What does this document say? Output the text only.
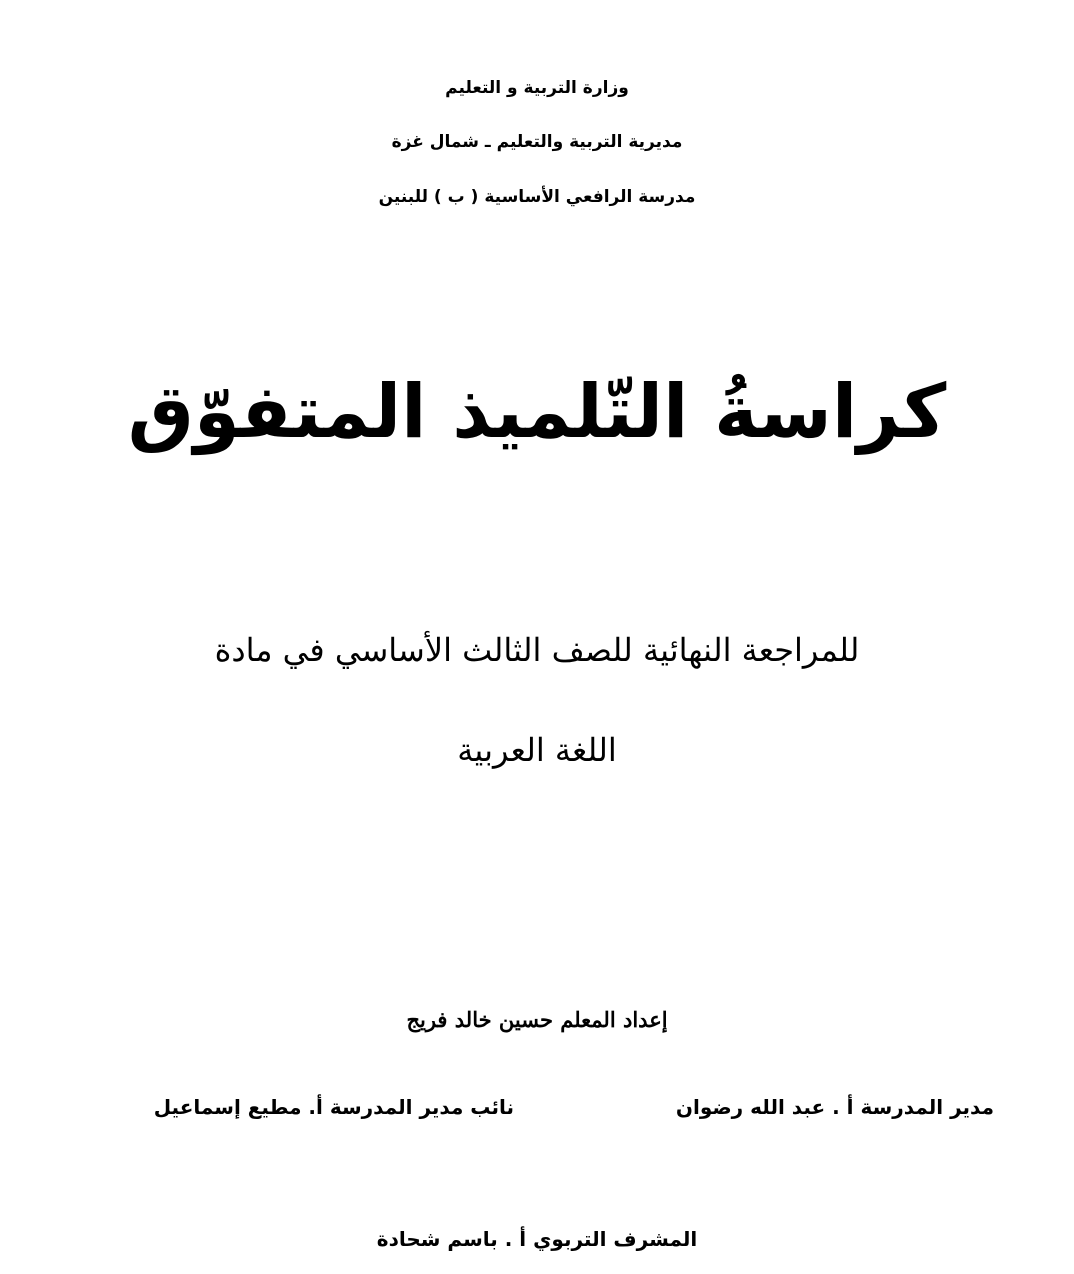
وزارة التربية و التعليم
مديرية التربية والتعليم ـ شمال غزة
مدرسة الرافعي الأساسية ( ب ) للبنين
كراسةُ التّلميذ المتفوّق
للمراجعة النهائية للصف الثالث الأساسي في مادة
اللغة العربية
إعداد المعلم حسين خالد فريج
مدير المدرسة أ . عبد الله رضوان
نائب مدير المدرسة أ. مطيع إسماعيل
المشرف التربوي أ . باسم شحادة
